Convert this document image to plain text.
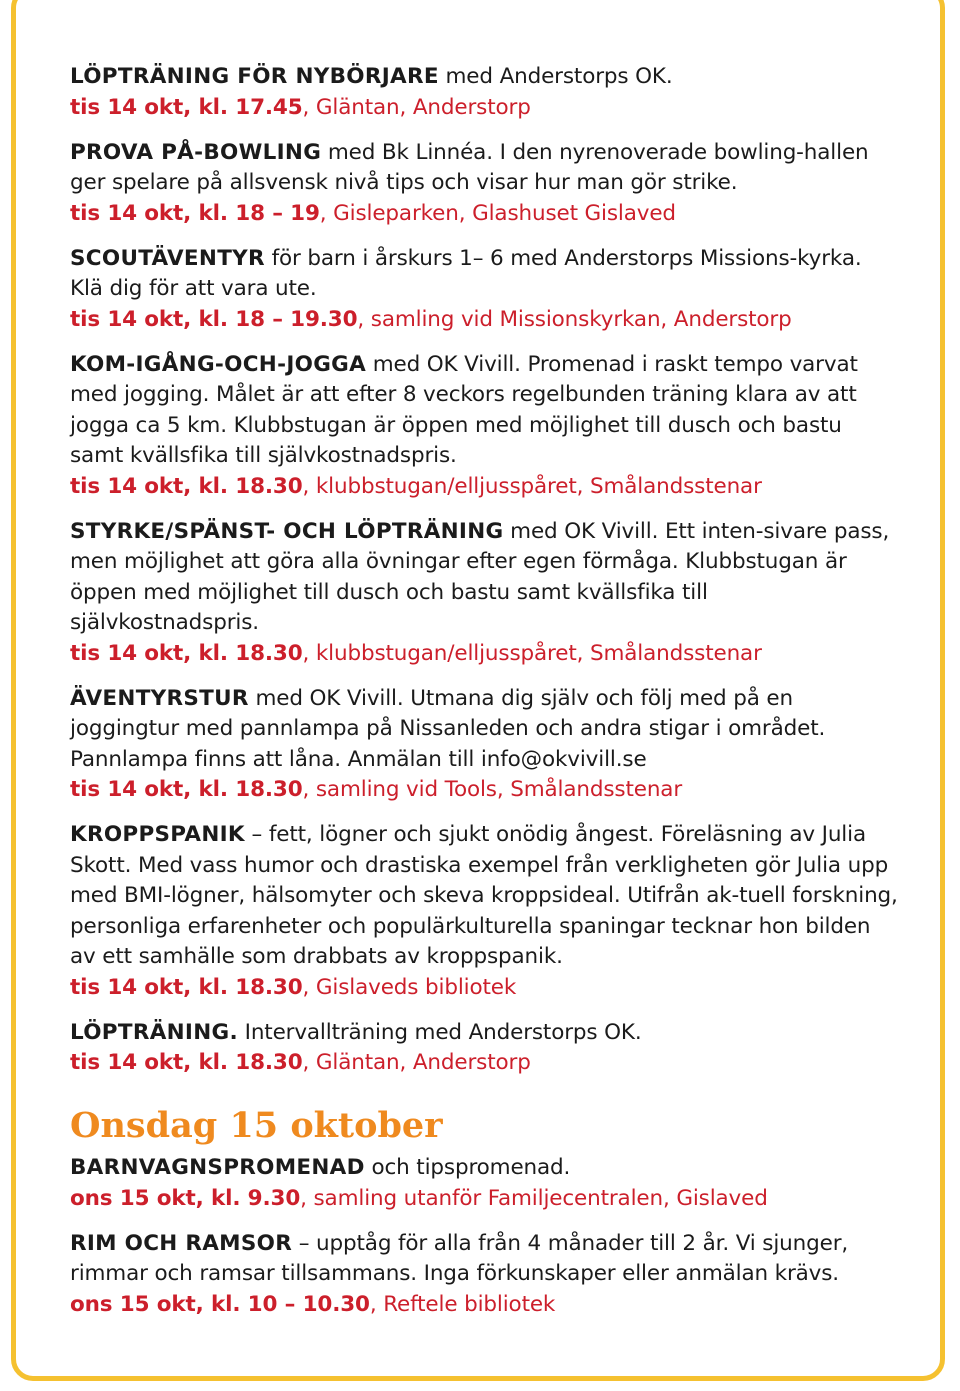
LÖPTRÄNING FÖR NYBÖRJARE med Anderstorps OK.
tis 14 okt, kl. 17.45, Gläntan, Anderstorp
PROVA PÅ-BOWLING med Bk Linnéa. I den nyrenoverade bowling-hallen ger spelare på allsvensk nivå tips och visar hur man gör strike.
tis 14 okt, kl. 18 – 19, Gisleparken, Glashuset Gislaved
SCOUTÄVENTYR för barn i årskurs 1– 6 med Anderstorps Missions-kyrka. Klä dig för att vara ute.
tis 14 okt, kl. 18 – 19.30, samling vid Missionskyrkan, Anderstorp
KOM-IGÅNG-OCH-JOGGA med OK Vivill. Promenad i raskt tempo varvat med jogging. Målet är att efter 8 veckors regelbunden träning klara av att jogga ca 5 km. Klubbstugan är öppen med möjlighet till dusch och bastu samt kvällsfika till självkostnadspris.
tis 14 okt, kl. 18.30, klubbstugan/elljusspåret, Smålandsstenar
STYRKE/SPÄNST- OCH LÖPTRÄNING med OK Vivill. Ett inten-sivare pass, men möjlighet att göra alla övningar efter egen förmåga. Klubbstugan är öppen med möjlighet till dusch och bastu samt kvällsfika till självkostnadspris.
tis 14 okt, kl. 18.30, klubbstugan/elljusspåret, Smålandsstenar
ÄVENTYRSTUR med OK Vivill. Utmana dig själv och följ med på en joggingtur med pannlampa på Nissanleden och andra stigar i området. Pannlampa finns att låna. Anmälan till info@okvivill.se
tis 14 okt, kl. 18.30, samling vid Tools, Smålandsstenar
KROPPSPANIK – fett, lögner och sjukt onödig ångest. Föreläsning av Julia Skott. Med vass humor och drastiska exempel från verkligheten gör Julia upp med BMI-lögner, hälsomyter och skeva kroppsideal. Utifrån ak-tuell forskning, personliga erfarenheter och populärkulturella spaningar tecknar hon bilden av ett samhälle som drabbats av kroppspanik.
tis 14 okt, kl. 18.30, Gislaveds bibliotek
LÖPTRÄNING. Intervallträning med Anderstorps OK.
tis 14 okt, kl. 18.30, Gläntan, Anderstorp
Onsdag 15 oktober
BARNVAGNSPROMENAD och tipspromenad.
ons 15 okt, kl. 9.30, samling utanför Familjecentralen, Gislaved
RIM OCH RAMSOR – upptåg för alla från 4 månader till 2 år. Vi sjunger, rimmar och ramsar tillsammans. Inga förkunskaper eller anmälan krävs.
ons 15 okt, kl. 10 – 10.30, Reftele bibliotek
